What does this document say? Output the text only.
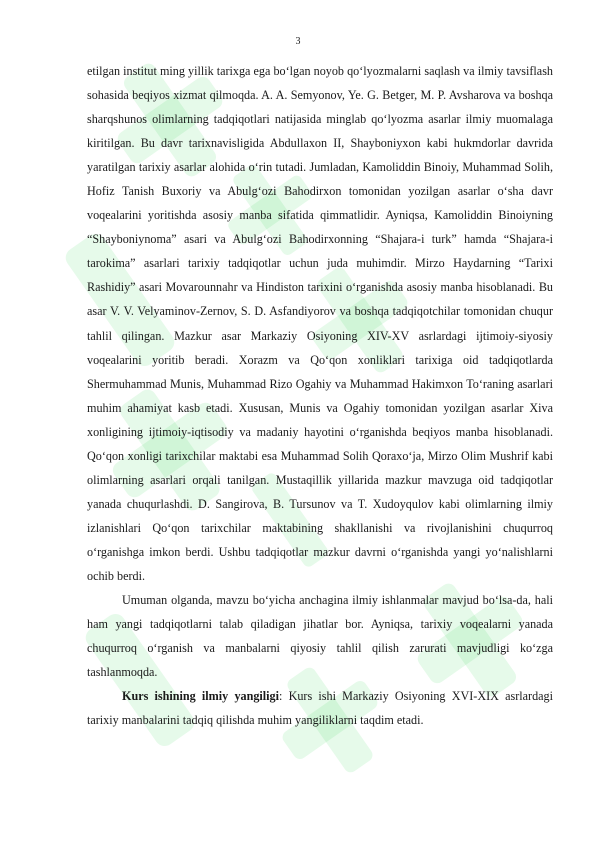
3

etilgan institut ming yillik tarixga ega bo‘lgan noyob qo‘lyozmalarni saqlash va ilmiy tavsiflash sohasida beqiyos xizmat qilmoqda. A. A. Semyonov, Ye. G. Betger, M. P. Avsharova va boshqa sharqshunos olimlarning tadqiqotlari natijasida minglab qo‘lyozma asarlar ilmiy muomalaga kiritilgan. Bu davr tarixnavisligida Abdullaxon II, Shayboniyxon kabi hukmdorlar davrida yaratilgan tarixiy asarlar alohida o‘rin tutadi. Jumladan, Kamoliddin Binoiy, Muhammad Solih, Hofiz Tanish Buxoriy va Abulg‘ozi Bahodirxon tomonidan yozilgan asarlar o‘sha davr voqealarini yoritishda asosiy manba sifatida qimmatlidir. Ayniqsa, Kamoliddin Binoiyning “Shayboniynoma” asari va Abulg‘ozi Bahodirxonning “Shajara-i turk” hamda “Shajara-i tarokima” asarlari tarixiy tadqiqotlar uchun juda muhimdir. Mirzo Haydarning “Tarixi Rashidiy” asari Movarounnahr va Hindiston tarixini o‘rganishda asosiy manba hisoblanadi. Bu asar V. V. Velyaminov-Zernov, S. D. Asfandiyorov va boshqa tadqiqotchilar tomonidan chuqur tahlil qilingan. Mazkur asar Markaziy Osiyoning XIV-XV asrlardagi ijtimoiy-siyosiy voqealarini yoritib beradi. Xorazm va Qo‘qon xonliklari tarixiga oid tadqiqotlarda Shermuhammad Munis, Muhammad Rizo Ogahiy va Muhammad Hakimxon To‘raning asarlari muhim ahamiyat kasb etadi. Xususan, Munis va Ogahiy tomonidan yozilgan asarlar Xiva xonligining ijtimoiy-iqtisodiy va madaniy hayotini o‘rganishda beqiyos manba hisoblanadi. Qo‘qon xonligi tarixchilar maktabi esa Muhammad Solih Qoraxo‘ja, Mirzo Olim Mushrif kabi olimlarning asarlari orqali tanilgan. Mustaqillik yillarida mazkur mavzuga oid tadqiqotlar yanada chuqurlashdi. D. Sangirova, B. Tursunov va T. Xudoyqulov kabi olimlarning ilmiy izlanishlari Qo‘qon tarixchilar maktabining shakllanishi va rivojlanishini chuqurroq o‘rganishga imkon berdi. Ushbu tadqiqotlar mazkur davrni o‘rganishda yangi yo‘nalishlarni ochib berdi.

Umuman olganda, mavzu bo‘yicha anchagina ilmiy ishlanmalar mavjud bo‘lsa-da, hali ham yangi tadqiqotlarni talab qiladigan jihatlar bor. Ayniqsa, tarixiy voqealarni yanada chuqurroq o‘rganish va manbalarni qiyosiy tahlil qilish zarurati mavjudligi ko‘zga tashlanmoqda.

Kurs ishining ilmiy yangiligi: Kurs ishi Markaziy Osiyoning XVI-XIX asrlardagi tarixiy manbalarini tadqiq qilishda muhim yangiliklarni taqdim etadi.
